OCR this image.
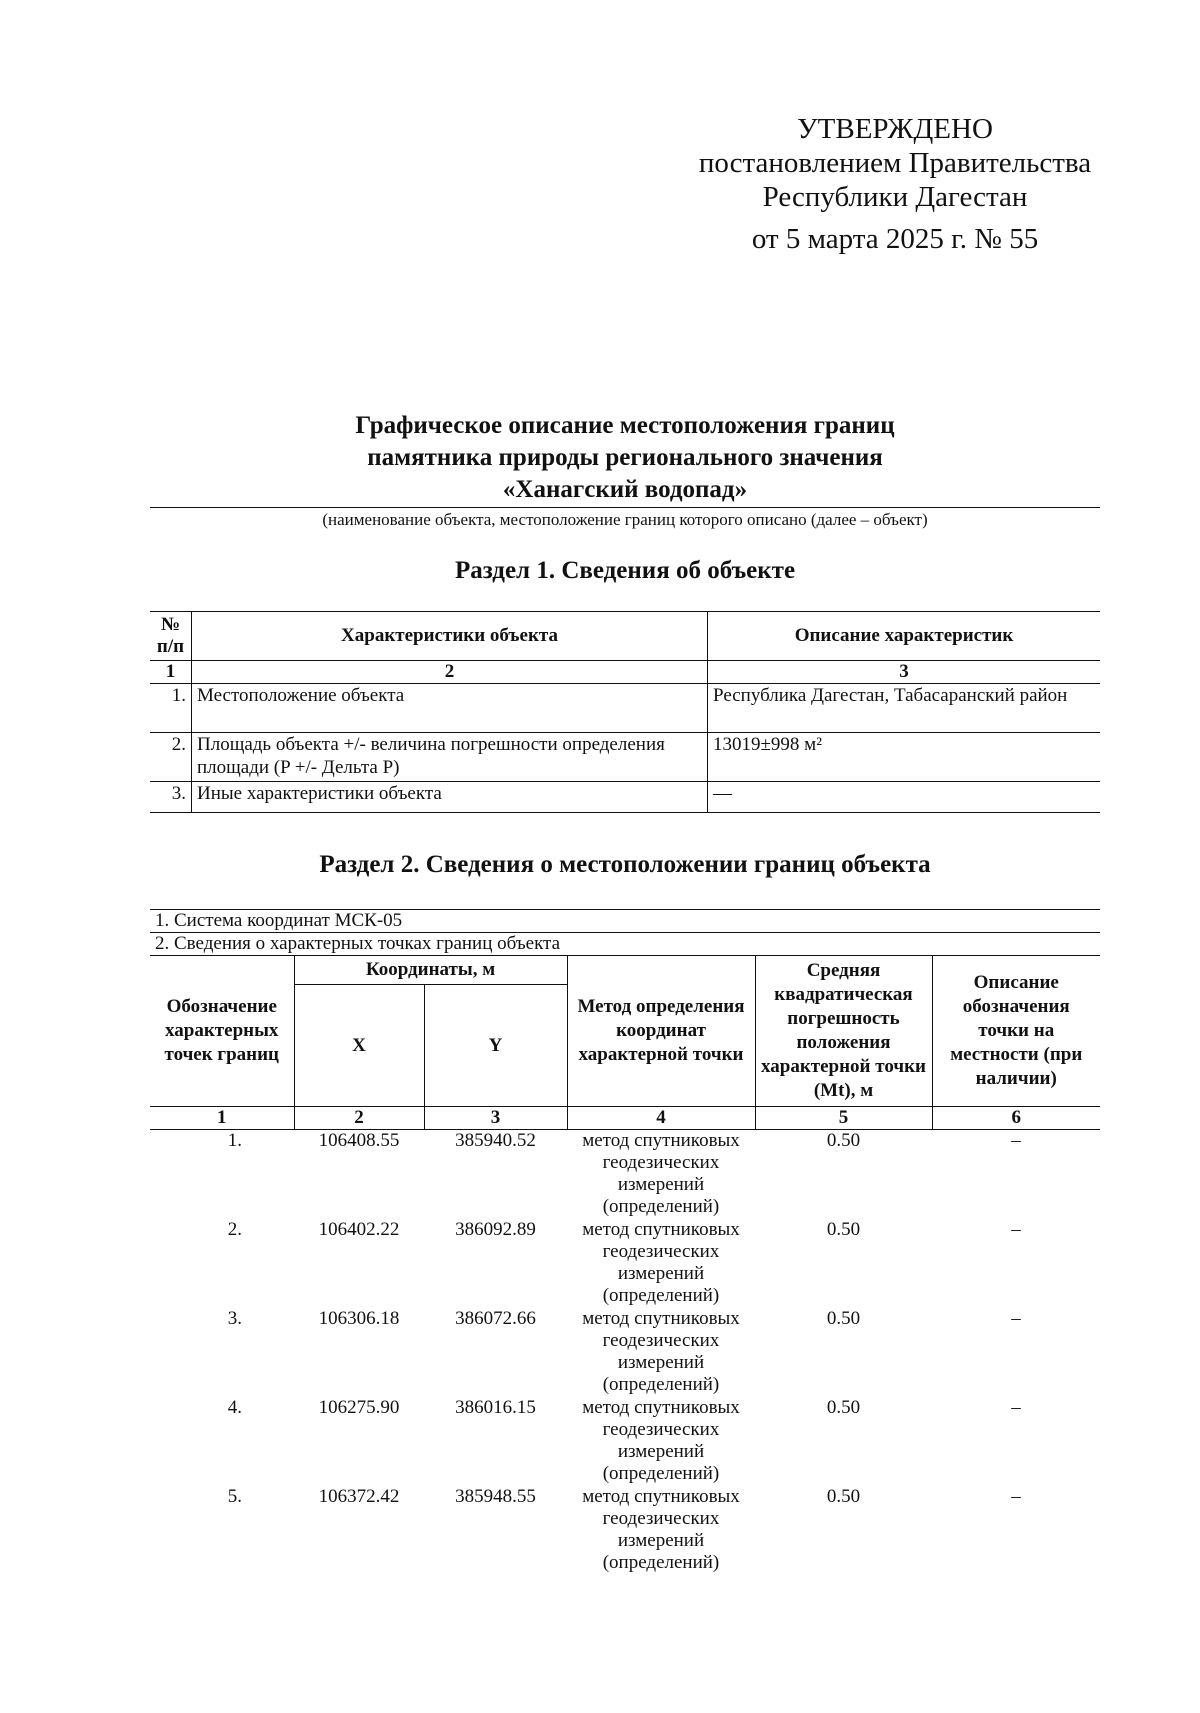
УТВЕРЖДЕНО
постановлением Правительства
Республики Дагестан
от 5 марта 2025 г. № 55
Графическое описание местоположения границ
памятника природы регионального значения
«Ханагский водопад»
(наименование объекта, местоположение границ которого описано (далее – объект)
Раздел 1. Сведения об объекте
№ п/п	Характеристики объекта	Описание характеристик
1	2	3
1.	Местоположение объекта	Республика Дагестан, Табасаранский район
2.	Площадь объекта +/- величина погрешности определения площади (P +/- Дельта P)	13019±998 м²
3.	Иные характеристики объекта	—
Раздел 2. Сведения о местоположении границ объекта
1. Система координат МСК-05					
2. Сведения о характерных точках границ объекта					
Обозначение характерных точек границ	Координаты, м		Метод определения координат характерной точки	Средняя квадратическая погрешность положения характерной точки (Mt), м	Описание обозначения точки на местности (при наличии)
	X	Y			
1	2	3	4	5	6
1.	106408.55	385940.52	метод спутниковых геодезических измерений (определений)	0.50	–
2.	106402.22	386092.89	метод спутниковых геодезических измерений (определений)	0.50	–
3.	106306.18	386072.66	метод спутниковых геодезических измерений (определений)	0.50	–
4.	106275.90	386016.15	метод спутниковых геодезических измерений (определений)	0.50	–
5.	106372.42	385948.55	метод спутниковых геодезических измерений (определений)	0.50	–
